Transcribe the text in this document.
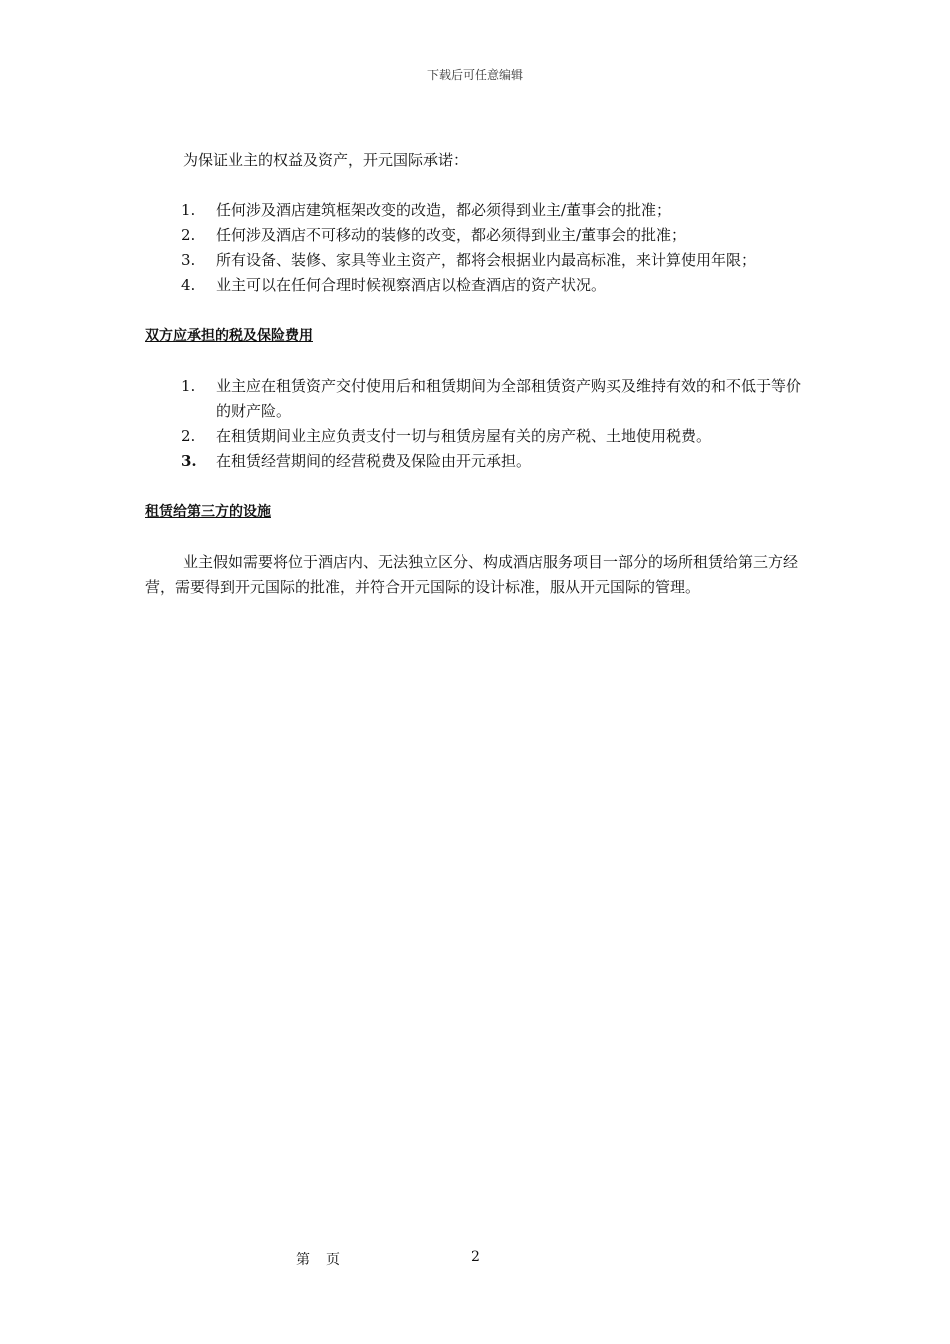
下载后可任意编辑

为保证业主的权益及资产，开元国际承诺：

1. 任何涉及酒店建筑框架改变的改造，都必须得到业主/董事会的批准；
2. 任何涉及酒店不可移动的装修的改变，都必须得到业主/董事会的批准；
3. 所有设备、装修、家具等业主资产，都将会根据业内最高标准，来计算使用年限；
4. 业主可以在任何合理时候视察酒店以检查酒店的资产状况。
双方应承担的税及保险费用
1. 业主应在租赁资产交付使用后和租赁期间为全部租赁资产购买及维持有效的和不低于等价的财产险。
2. 在租赁期间业主应负责支付一切与租赁房屋有关的房产税、土地使用税费。
3. 在租赁经营期间的经营税费及保险由开元承担。
租赁给第三方的设施

业主假如需要将位于酒店内、无法独立区分、构成酒店服务项目一部分的场所租赁给第三方经营，需要得到开元国际的批准，并符合开元国际的设计标准，服从开元国际的管理。

第 页	2
